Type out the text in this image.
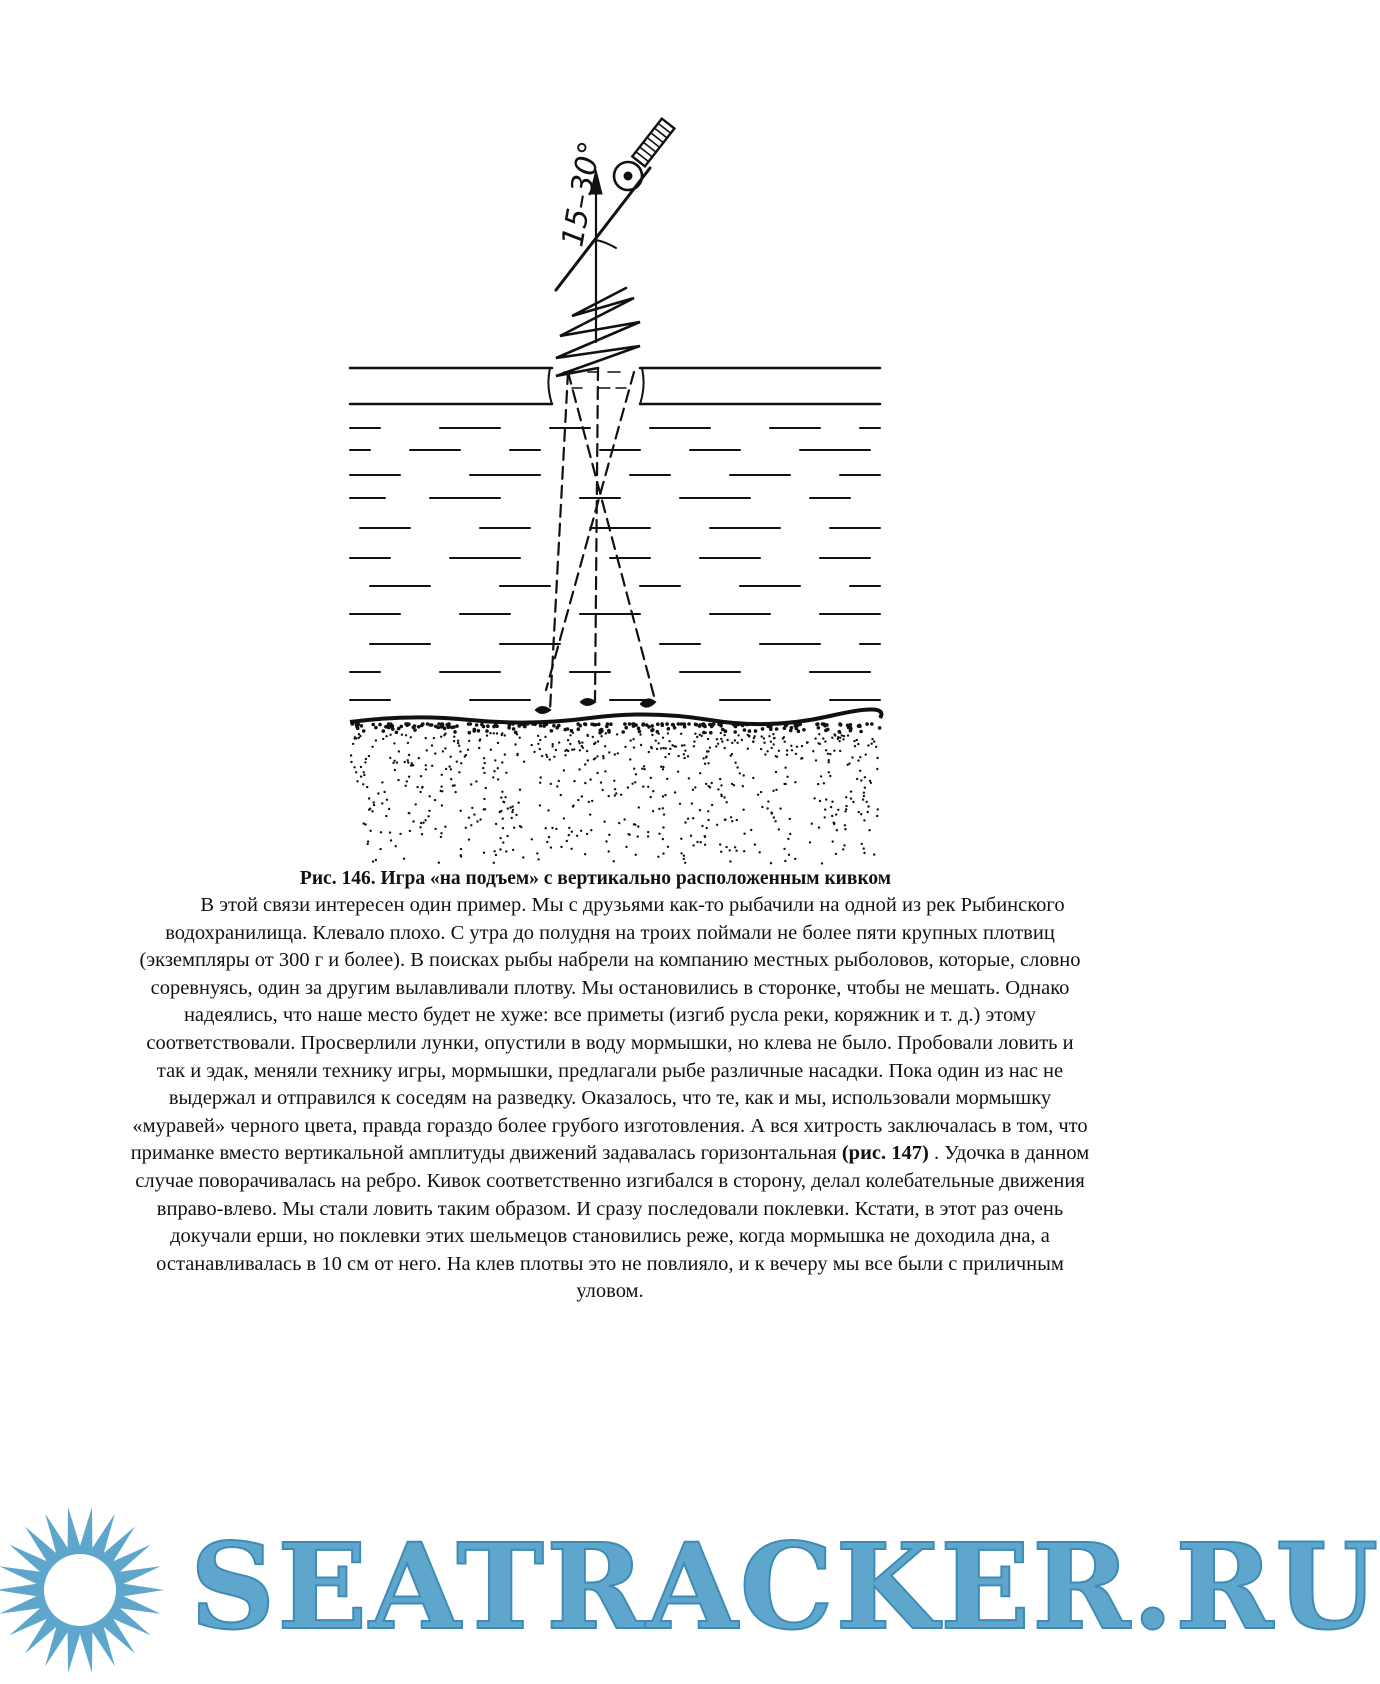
15–30°
Рис. 146. Игра «на подъем» с вертикально расположенным кивком

В этой связи интересен один пример. Мы с друзьями как-то рыбачили на одной из рек Рыбинского водохранилища. Клевало плохо. С утра до полудня на троих поймали не более пяти крупных плотвиц (экземпляры от 300 г и более). В поисках рыбы набрели на компанию местных рыболовов, которые, словно соревнуясь, один за другим вылавливали плотву. Мы остановились в сторонке, чтобы не мешать. Однако надеялись, что наше место будет не хуже: все приметы (изгиб русла реки, коряжник и т. д.) этому соответствовали. Просверлили лунки, опустили в воду мормышки, но клева не было. Пробовали ловить и так и эдак, меняли технику игры, мормышки, предлагали рыбе различные насадки. Пока один из нас не выдержал и отправился к соседям на разведку. Оказалось, что те, как и мы, использовали мормышку «муравей» черного цвета, правда гораздо более грубого изготовления. А вся хитрость заключалась в том, что приманке вместо вертикальной амплитуды движений задавалась горизонтальная (рис. 147) . Удочка в данном случае поворачивалась на ребро. Кивок соответственно изгибался в сторону, делал колебательные движения вправо-влево. Мы стали ловить таким образом. И сразу последовали поклевки. Кстати, в этот раз очень докучали ерши, но поклевки этих шельмецов становились реже, когда мормышка не доходила дна, а останавливалась в 10 см от него. На клев плотвы это не повлияло, и к вечеру мы все были с приличным уловом.

SEATRACKER.RU
